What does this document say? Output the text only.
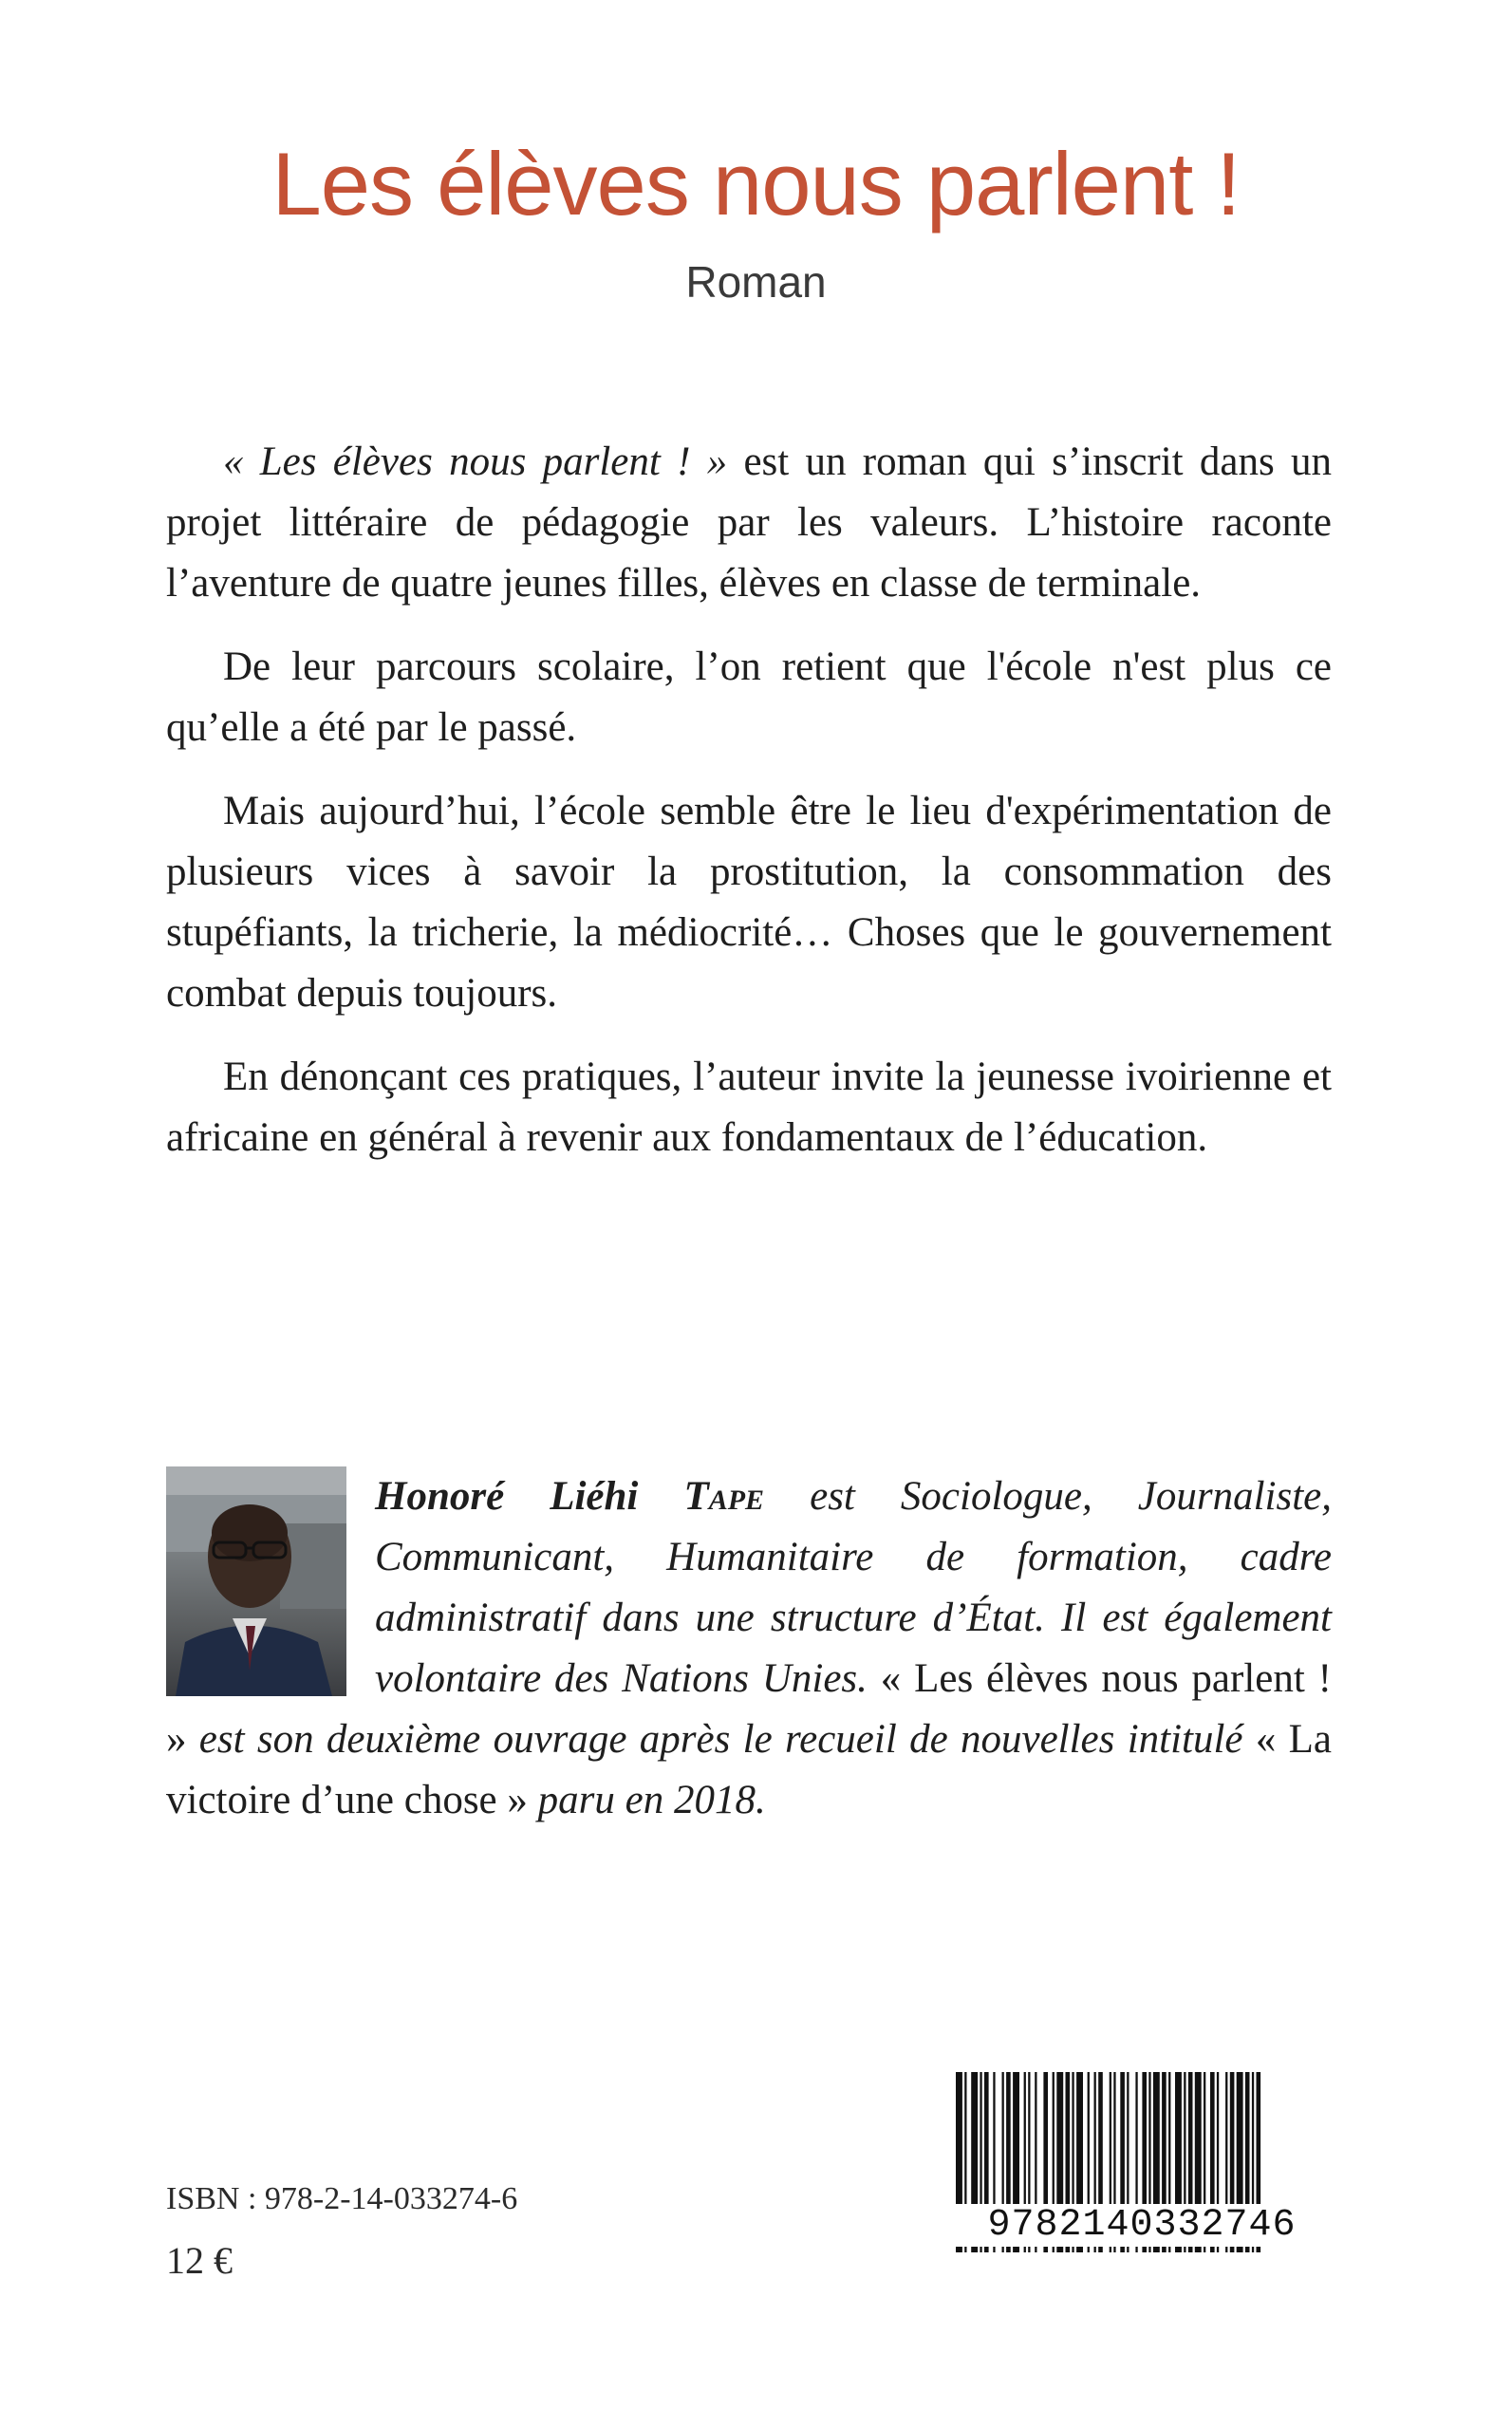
Les élèves nous parlent !
Roman

« Les élèves nous parlent ! » est un roman qui s’inscrit dans un projet littéraire de pédagogie par les valeurs. L’histoire raconte l’aventure de quatre jeunes filles, élèves en classe de terminale.

De leur parcours scolaire, l’on retient que l'école n'est plus ce qu’elle a été par le passé.

Mais aujourd’hui, l’école semble être le lieu d'expérimentation de plusieurs vices à savoir la prostitution, la consommation des stupéfiants, la tricherie, la médiocrité… Choses que le gouvernement combat depuis toujours.

En dénonçant ces pratiques, l’auteur invite la jeunesse ivoirienne et africaine en général à revenir aux fondamentaux de l’éducation.

Honoré Liéhi Tape est Sociologue, Journaliste, Communicant, Humanitaire de formation, cadre administratif dans une structure d’État. Il est également volontaire des Nations Unies. « Les élèves nous parlent ! » est son deuxième ouvrage après le recueil de nouvelles intitulé « La victoire d’une chose » paru en 2018.
ISBN : 978-2-14-033274-6
12 €
9782140332746
